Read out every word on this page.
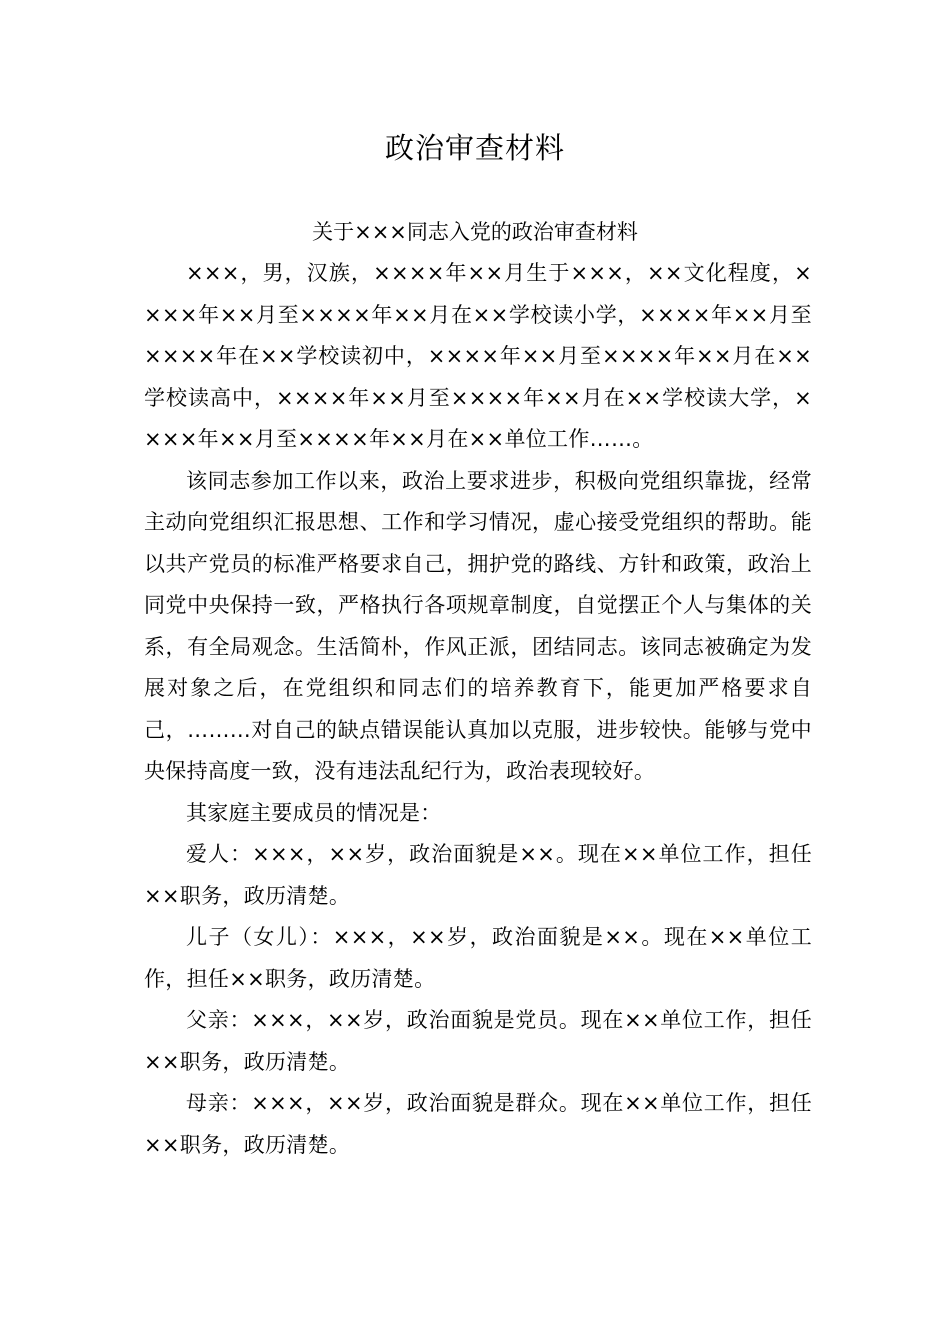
政治审查材料
关于×××同志入党的政治审查材料

×××，男，汉族，××××年××月生于×××，××文化程度，××××年××月至××××年××月在××学校读小学，××××年××月至××××年在××学校读初中，××××年××月至××××年××月在××学校读高中，××××年××月至××××年××月在××学校读大学，××××年××月至××××年××月在××单位工作……。

该同志参加工作以来，政治上要求进步，积极向党组织靠拢，经常主动向党组织汇报思想、工作和学习情况，虚心接受党组织的帮助。能以共产党员的标准严格要求自己，拥护党的路线、方针和政策，政治上同党中央保持一致，严格执行各项规章制度，自觉摆正个人与集体的关系，有全局观念。生活简朴，作风正派，团结同志。该同志被确定为发展对象之后，在党组织和同志们的培养教育下，能更加严格要求自己，………对自己的缺点错误能认真加以克服，进步较快。能够与党中央保持高度一致，没有违法乱纪行为，政治表现较好。

其家庭主要成员的情况是：

爱人：×××，××岁，政治面貌是××。现在××单位工作，担任××职务，政历清楚。

儿子（女儿）：×××，××岁，政治面貌是××。现在××单位工作，担任××职务，政历清楚。

父亲：×××，××岁，政治面貌是党员。现在××单位工作，担任××职务，政历清楚。

母亲：×××，××岁，政治面貌是群众。现在××单位工作，担任××职务，政历清楚。
